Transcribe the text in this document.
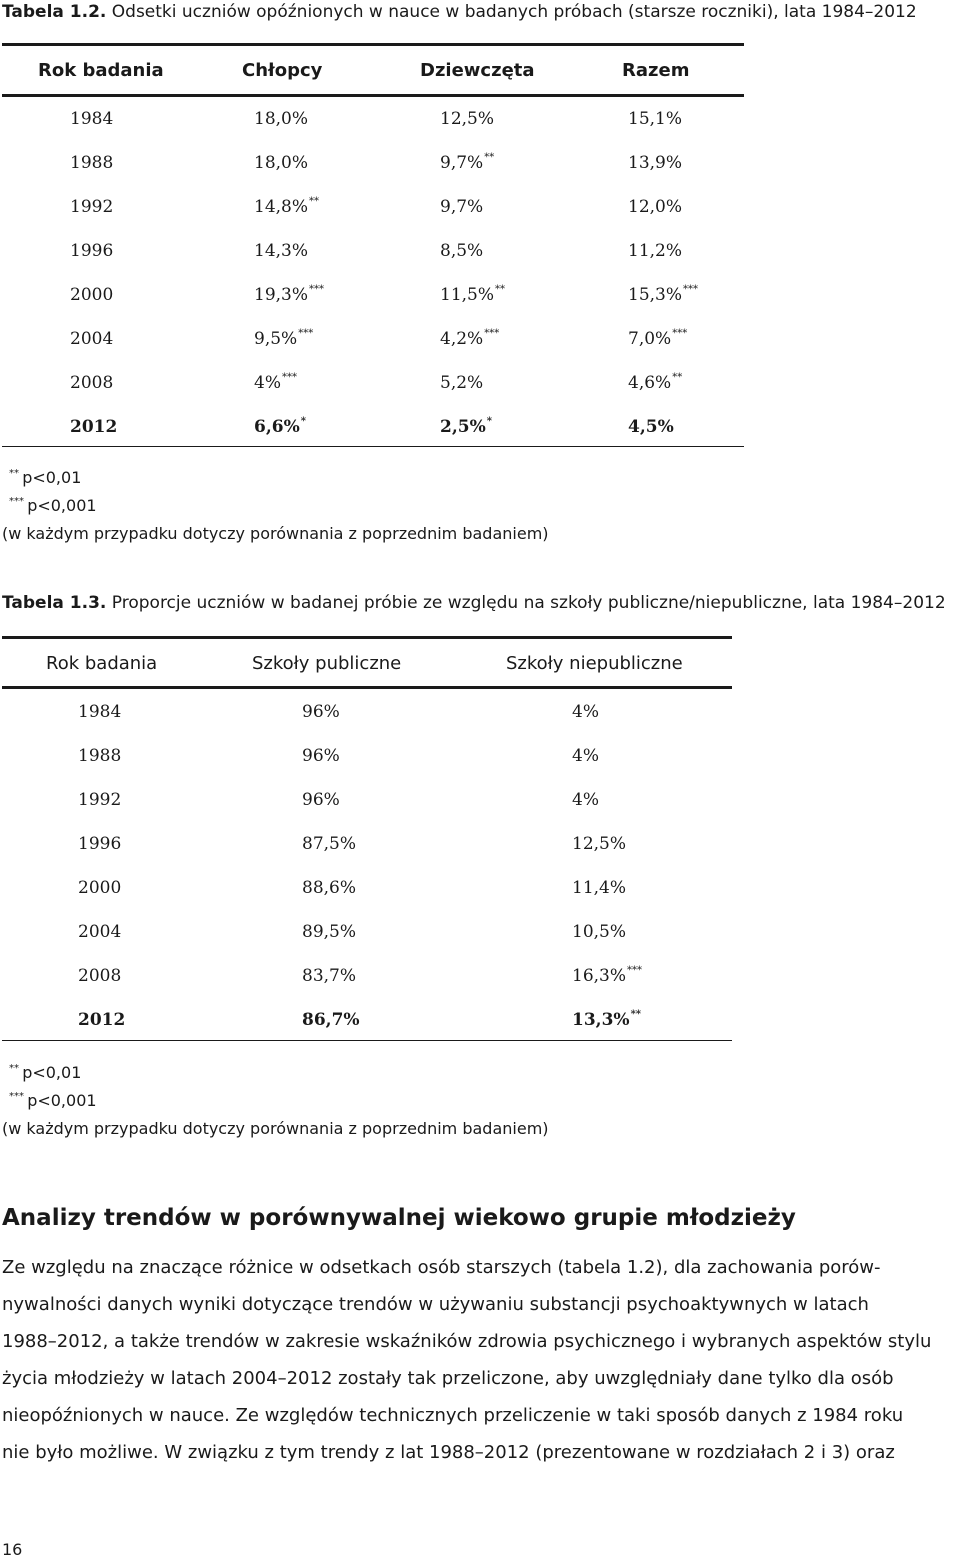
Tabela 1.2. Odsetki uczniów opóźnionych w nauce w badanych próbach (starsze roczniki), lata 1984–2012
Rok badania	Chłopcy	Dziewczęta	Razem
1984	18,0%	12,5%	15,1%
1988	18,0%	9,7%**	13,9%
1992	14,8%**	9,7%	12,0%
1996	14,3%	8,5%	11,2%
2000	19,3%***	11,5%**	15,3%***
2004	9,5%***	4,2%***	7,0%***
2008	4%***	5,2%	4,6%**
2012	6,6%*	2,5%*	4,5%
** p<0,01
*** p<0,001
(w każdym przypadku dotyczy porównania z poprzednim badaniem)
Tabela 1.3. Proporcje uczniów w badanej próbie ze względu na szkoły publiczne/niepubliczne, lata 1984–2012
Rok badania	Szkoły publiczne	Szkoły niepubliczne
1984	96%	4%
1988	96%	4%
1992	96%	4%
1996	87,5%	12,5%
2000	88,6%	11,4%
2004	89,5%	10,5%
2008	83,7%	16,3%***
2012	86,7%	13,3%**
** p<0,01
*** p<0,001
(w każdym przypadku dotyczy porównania z poprzednim badaniem)
Analizy trendów w porównywalnej wiekowo grupie młodzieży
Ze względu na znaczące różnice w odsetkach osób starszych (tabela 1.2), dla zachowania porów-
nywalności danych wyniki dotyczące trendów w używaniu substancji psychoaktywnych w latach
1988–2012, a także trendów w zakresie wskaźników zdrowia psychicznego i wybranych aspektów stylu
życia młodzieży w latach 2004–2012 zostały tak przeliczone, aby uwzględniały dane tylko dla osób
nieopóźnionych w nauce. Ze względów technicznych przeliczenie w taki sposób danych z 1984 roku
nie było możliwe. W związku z tym trendy z lat 1988–2012 (prezentowane w rozdziałach 2 i 3) oraz
16
